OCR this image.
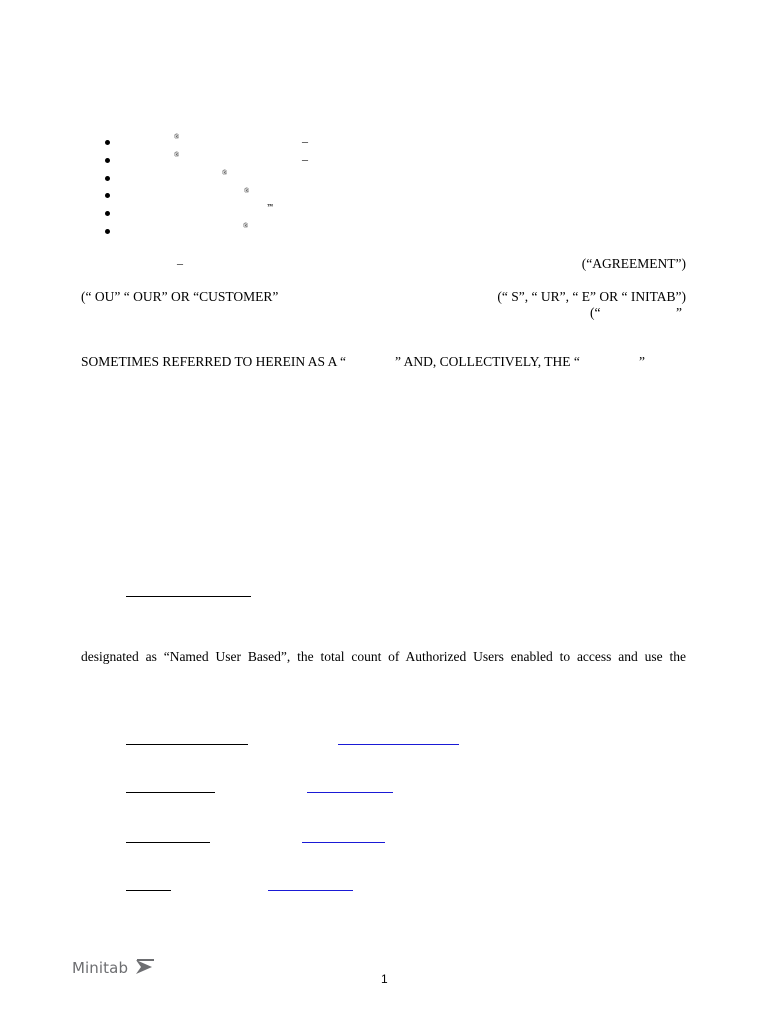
®	–
®	–
®
®
™
®
–	(“AGREEMENT”)
(“ OU” “ OUR” OR “CUSTOMER”	(“ S”, “ UR”, “ E” OR “ INITAB”)
(“	”
SOMETIMES REFERRED TO HEREIN AS A “	” AND, COLLECTIVELY, THE “	”
designated as “Named User Based”, the total count of Authorized Users enabled to access and use the
Minitab
1
